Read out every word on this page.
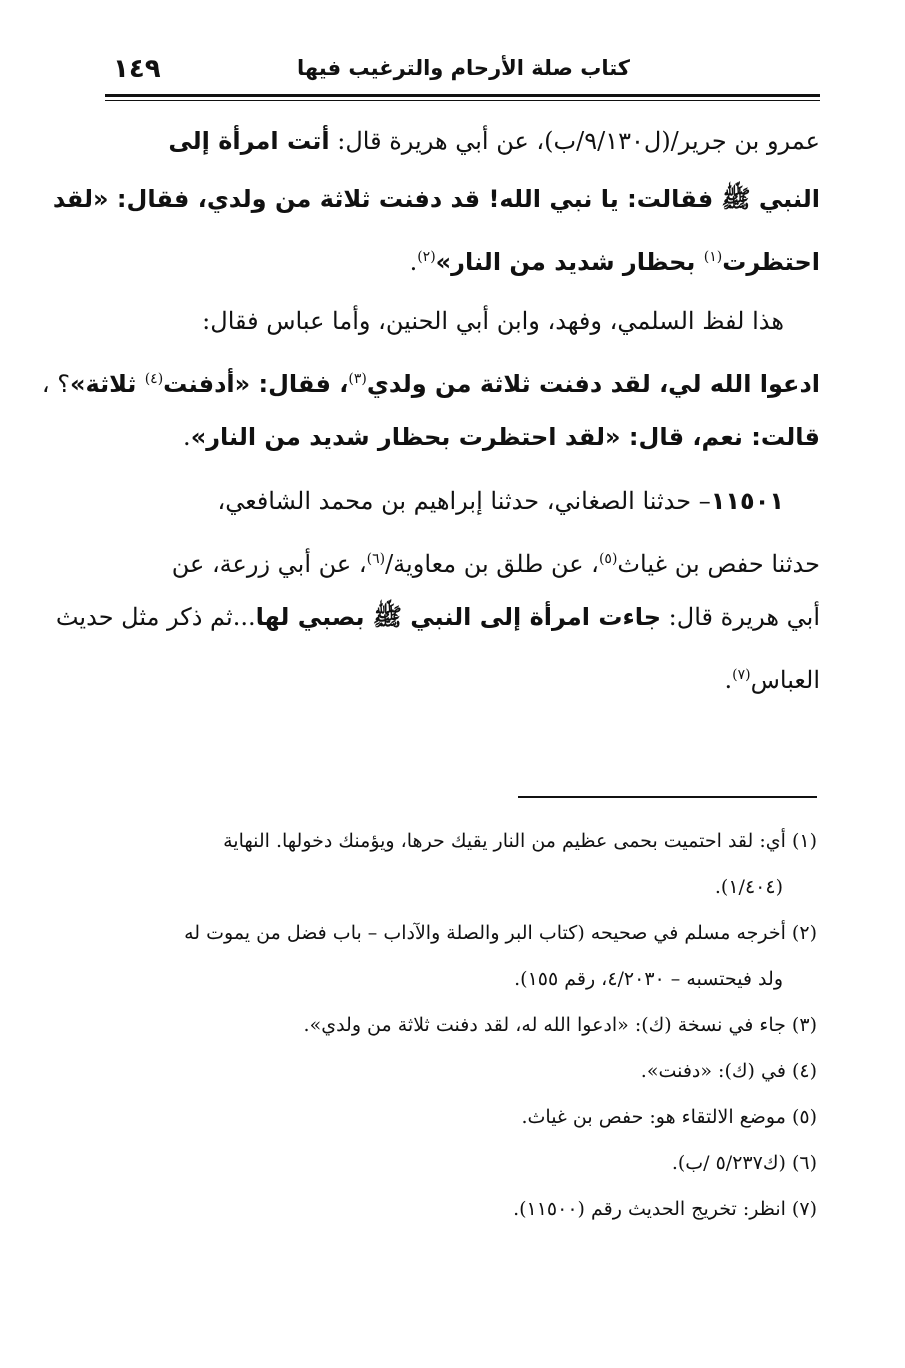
كتاب صلة الأرحام والترغيب فيها
١٤٩
عمرو بن جرير/(ل٩/١٣٠/ب)، عن أبي هريرة قال: أتت امرأة إلى
النبي ﷺ فقالت: يا نبي الله! قد دفنت ثلاثة من ولدي، فقال: «لقد
احتظرت$^{(١)}$ بحظار شديد من النار»$^{(٢)}$.
  هذا لفظ السلمي، وفهد، وابن أبي الحنين، وأما عباس فقال:
ادعوا الله لي، لقد دفنت ثلاثة من ولدي$^{(٣)}$، فقال: «أدفنت$^{(٤)}$ ثلاثة»؟ ،
قالت: نعم، قال: «لقد احتظرت بحظار شديد من النار».
  ١١٥٠١– حدثنا الصغاني، حدثنا إبراهيم بن محمد الشافعي،
حدثنا حفص بن غياث$^{(٥)}$، عن طلق بن معاوية/$^{(٦)}$، عن أبي زرعة، عن
أبي هريرة قال: جاءت امرأة إلى النبي ﷺ بصبي لها...ثم ذكر مثل حديث
العباس$^{(٧)}$.
(١) أي: لقد احتميت بحمى عظيم من النار يقيك حرها، ويؤمنك دخولها. النهاية
(١/٤٠٤).
(٢) أخرجه مسلم في صحيحه (كتاب البر والصلة والآداب – باب فضل من يموت له
ولد فيحتسبه – ٤/٢٠٣٠، رقم ١٥٥).
(٣) جاء في نسخة (ك): «ادعوا الله له، لقد دفنت ثلاثة من ولدي».
(٤) في (ك): «دفنت».
(٥) موضع الالتقاء هو: حفص بن غياث.
(٦) (ك٥/٢٣٧ /ب).
(٧) انظر: تخريج الحديث رقم (١١٥٠٠).
